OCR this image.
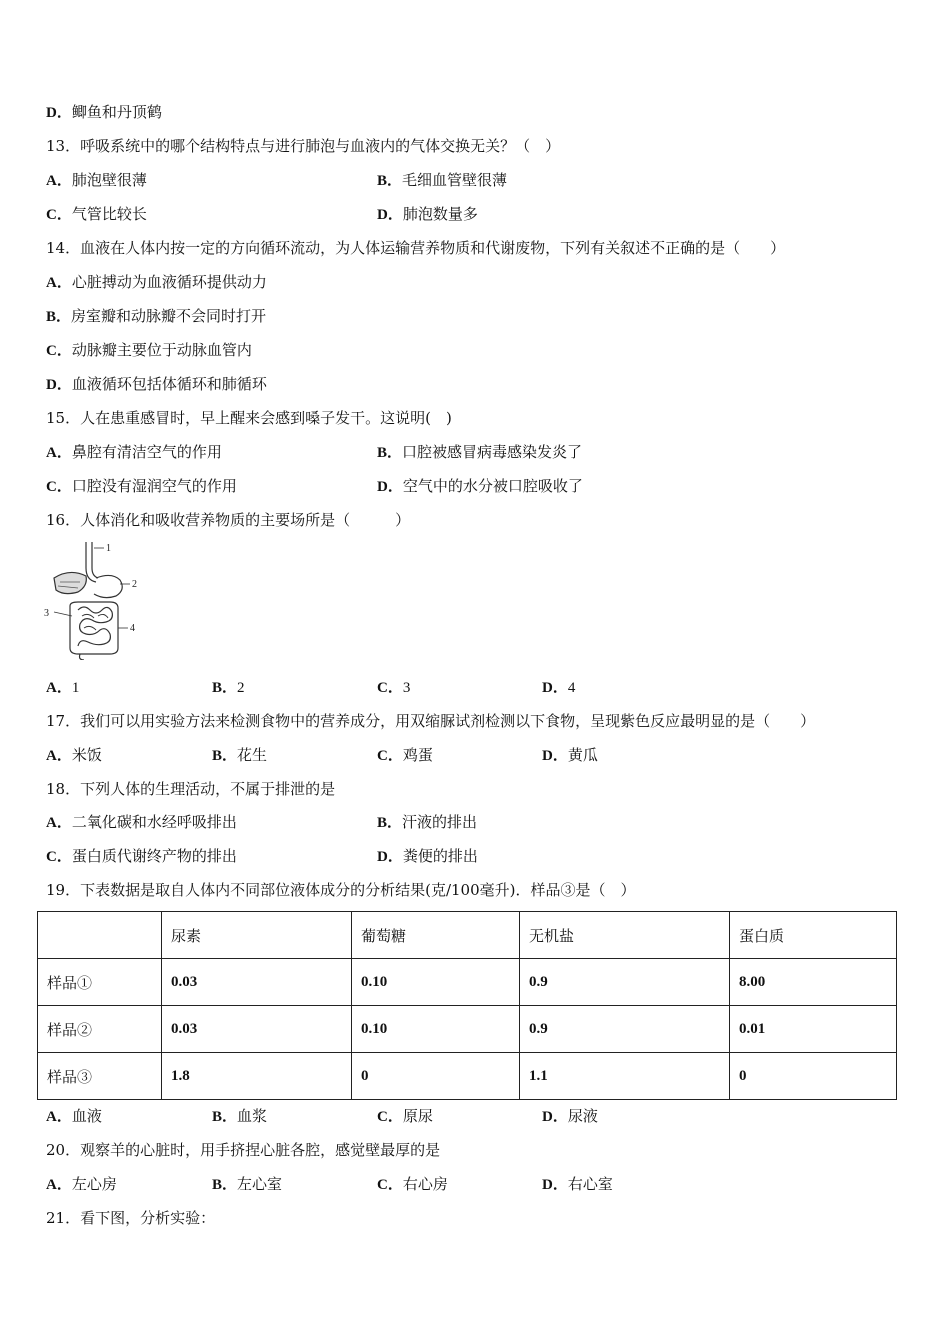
D．鲫鱼和丹顶鹤
13．呼吸系统中的哪个结构特点与进行肺泡与血液内的气体交换无关？（　）
A．肺泡壁很薄	B．毛细血管壁很薄
C．气管比较长	D．肺泡数量多
14．血液在人体内按一定的方向循环流动，为人体运输营养物质和代谢废物，下列有关叙述不正确的是（　　）
A．心脏搏动为血液循环提供动力
B．房室瓣和动脉瓣不会同时打开
C．动脉瓣主要位于动脉血管内
D．血液循环包括体循环和肺循环
15．人在患重感冒时，早上醒来会感到嗓子发干。这说明(　)
A．鼻腔有清洁空气的作用	B．口腔被感冒病毒感染发炎了
C．口腔没有湿润空气的作用	D．空气中的水分被口腔吸收了
16．人体消化和吸收营养物质的主要场所是（　　　）
1
2
3
4
A．1	B．2	C．3	D．4
17．我们可以用实验方法来检测食物中的营养成分，用双缩脲试剂检测以下食物，呈现紫色反应最明显的是（　　）
A．米饭	B．花生	C．鸡蛋	D．黄瓜
18．下列人体的生理活动，不属于排泄的是
A．二氧化碳和水经呼吸排出	B．汗液的排出
C．蛋白质代谢终产物的排出	D．粪便的排出
19．下表数据是取自人体内不同部位液体成分的分析结果(克/100毫升)．样品③是（　）
	尿素	葡萄糖	无机盐	蛋白质
样品①	0.03	0.10	0.9	8.00
样品②	0.03	0.10	0.9	0.01
样品③	1.8	0	1.1	0
A．血液	B．血浆	C．原尿	D．尿液
20．观察羊的心脏时，用手挤捏心脏各腔，感觉壁最厚的是
A．左心房	B．左心室	C．右心房	D．右心室
21．看下图，分析实验：
